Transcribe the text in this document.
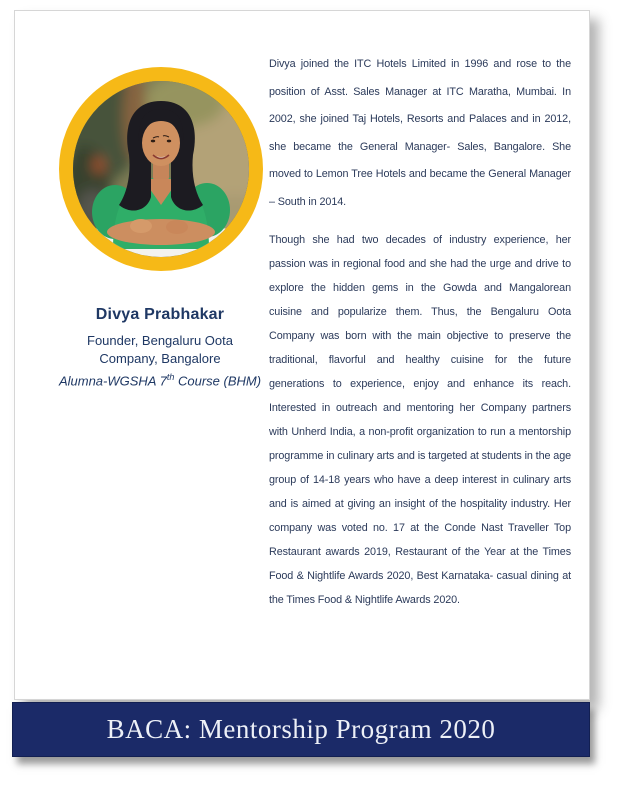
Divya Prabhakar

Founder, Bengaluru Oota

Company, Bangalore

Alumna-WGSHA 7th Course (BHM)

Divya joined the ITC Hotels Limited in 1996 and rose to the position of Asst. Sales Manager at ITC Maratha, Mumbai. In 2002, she joined Taj Hotels, Resorts and Palaces and in 2012, she became the General Manager- Sales, Bangalore. She moved to Lemon Tree Hotels and became the General Manager – South in 2014.

Though she had two decades of industry experience, her passion was in regional food and she had the urge and drive to explore the hidden gems in the Gowda and Mangalorean cuisine and popularize them. Thus, the Bengaluru Oota Company was born with the main objective to preserve the traditional, flavorful and healthy cuisine for the future generations to experience, enjoy and enhance its reach. Interested in outreach and mentoring her Company partners with Unherd India, a non-profit organization to run a mentorship programme in culinary arts and is targeted at students in the age group of 14-18 years who have a deep interest in culinary arts and is aimed at giving an insight of the hospitality industry. Her company was voted no. 17 at the Conde Nast Traveller Top Restaurant awards 2019, Restaurant of the Year at the Times Food & Nightlife Awards 2020, Best Karnataka- casual dining at the Times Food & Nightlife Awards 2020.

BACA: Mentorship Program 2020
